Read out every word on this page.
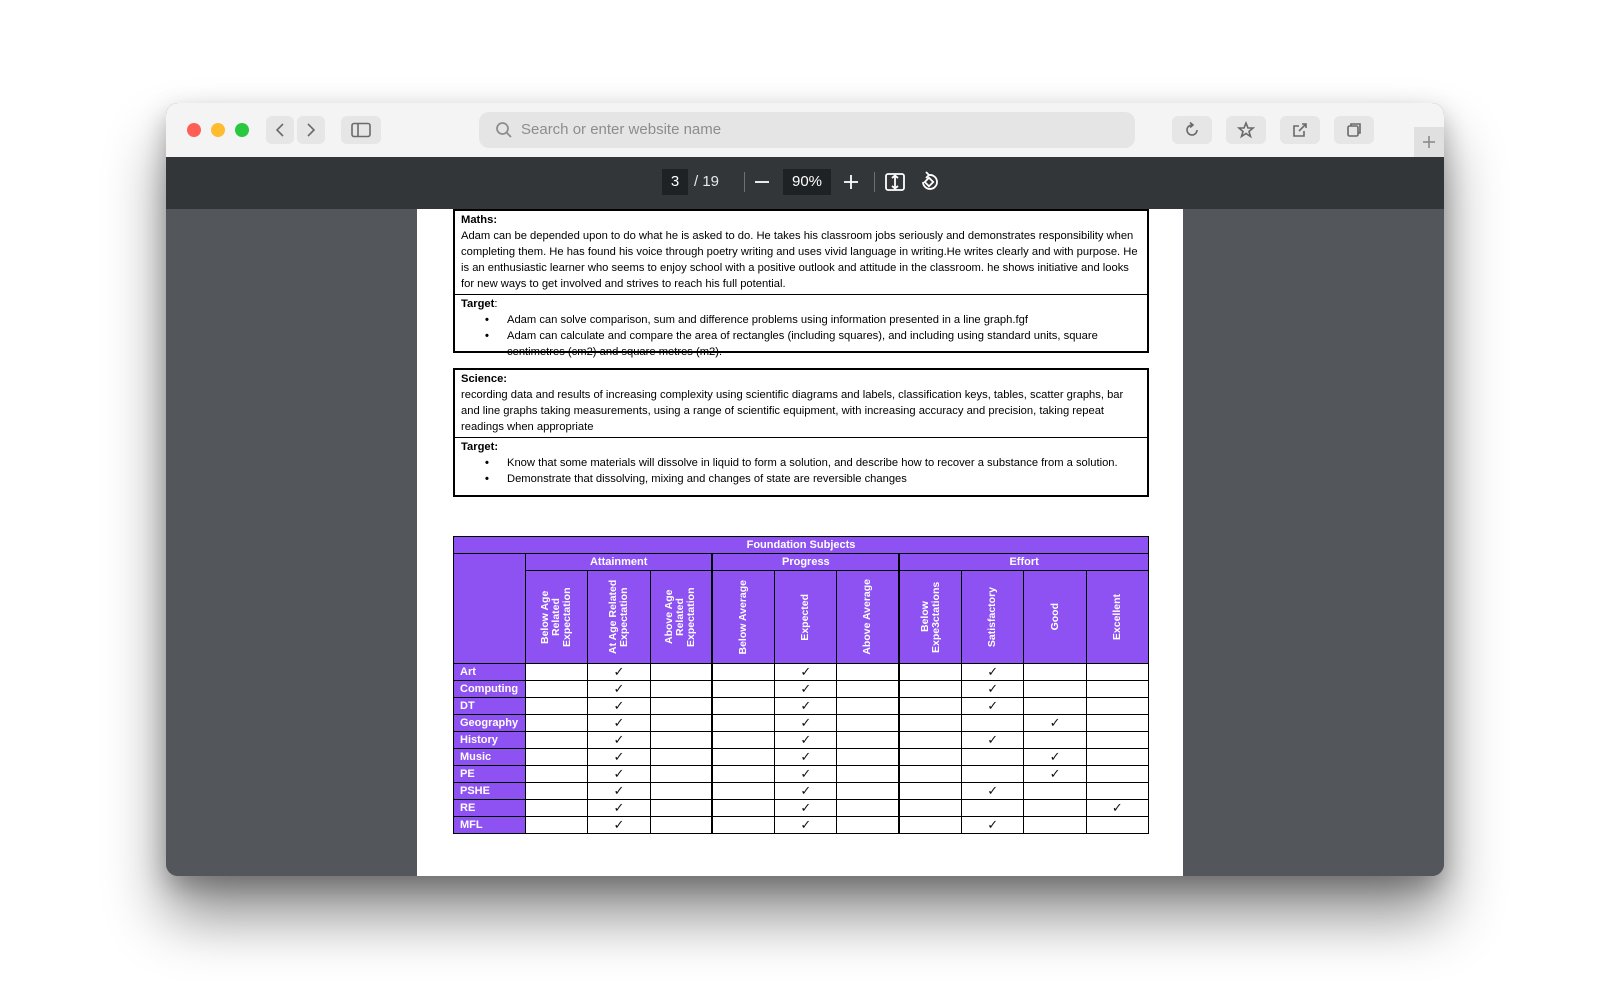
Search or enter website name
3 / 19	90%
Maths:
Adam can be depended upon to do what he is asked to do. He takes his classroom jobs seriously and demonstrates responsibility when completing them. He has found his voice through poetry writing and uses vivid language in writing.He writes clearly and with purpose. He is an enthusiastic learner who seems to enjoy school with a positive outlook and attitude in the classroom. he shows initiative and looks for new ways to get involved and strives to reach his full potential.
Target:
• Adam can solve comparison, sum and difference problems using information presented in a line graph.fgf
• Adam can calculate and compare the area of rectangles (including squares), and including using standard units, square centimetres (cm2) and square metres (m2).
Science:
recording data and results of increasing complexity using scientific diagrams and labels, classification keys, tables, scatter graphs, bar and line graphs taking measurements, using a range of scientific equipment, with increasing accuracy and precision, taking repeat readings when appropriate
Target:
• Know that some materials will dissolve in liquid to form a solution, and describe how to recover a substance from a solution.
• Demonstrate that dissolving, mixing and changes of state are reversible changes
Foundation Subjects										
	Attainment			Progress			Effort			

	Below Age Related Expectation	At Age Related Expectation	Above Age Related Expectation	Below Average	Expected	Above Average	Below Expe3ctations	Satisfactory	Good	Excellent

Art		✓			✓			✓		
Computing		✓			✓			✓		
DT		✓			✓			✓		
Geography		✓			✓				✓	
History		✓			✓			✓		
Music		✓			✓				✓	
PE		✓			✓				✓	
PSHE		✓			✓			✓		
RE		✓			✓					✓
MFL		✓			✓			✓		
